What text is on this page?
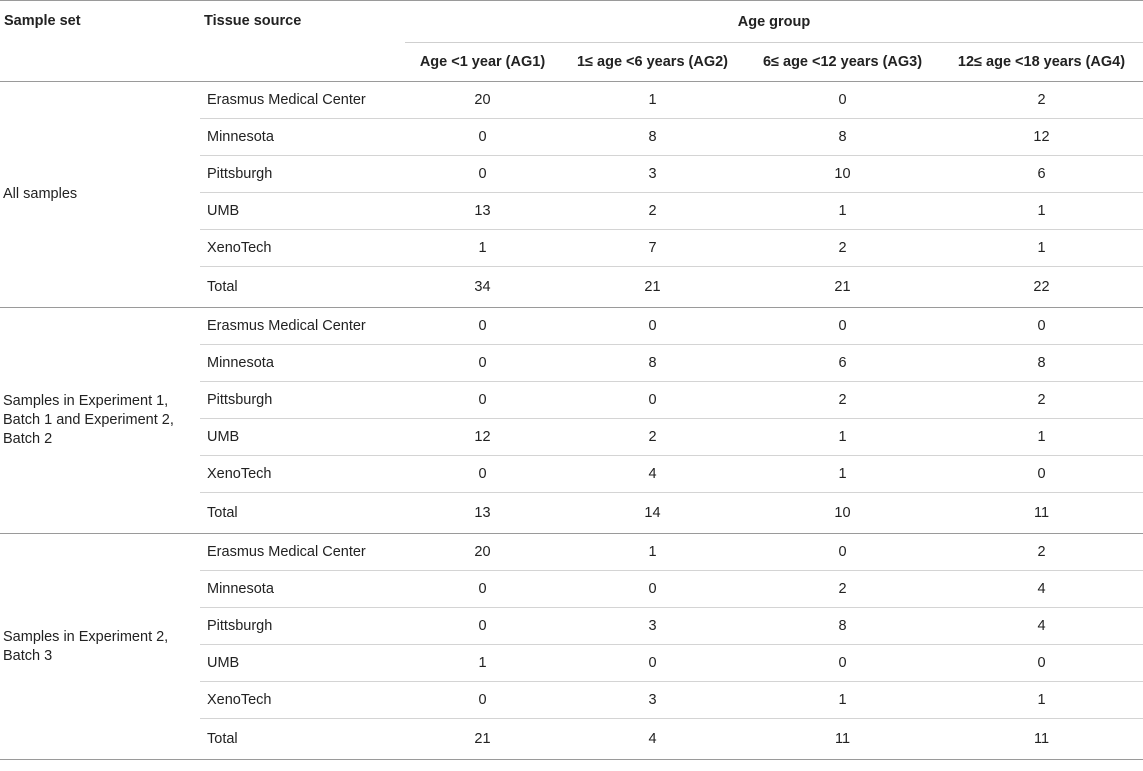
Sample set	Tissue source	Age group			
		Age <1 year (AG1)	1≤ age <6 years (AG2)	6≤ age <12 years (AG3)	12≤ age <18 years (AG4)
All samples	Erasmus Medical Center	20	1	0	2
	Minnesota	0	8	8	12
	Pittsburgh	0	3	10	6
	UMB	13	2	1	1
	XenoTech	1	7	2	1
	Total	34	21	21	22
Samples in Experiment 1, Batch 1 and Experiment 2, Batch 2	Erasmus Medical Center	0	0	0	0
	Minnesota	0	8	6	8
	Pittsburgh	0	0	2	2
	UMB	12	2	1	1
	XenoTech	0	4	1	0
	Total	13	14	10	11
Samples in Experiment 2, Batch 3	Erasmus Medical Center	20	1	0	2
	Minnesota	0	0	2	4
	Pittsburgh	0	3	8	4
	UMB	1	0	0	0
	XenoTech	0	3	1	1
	Total	21	4	11	11
